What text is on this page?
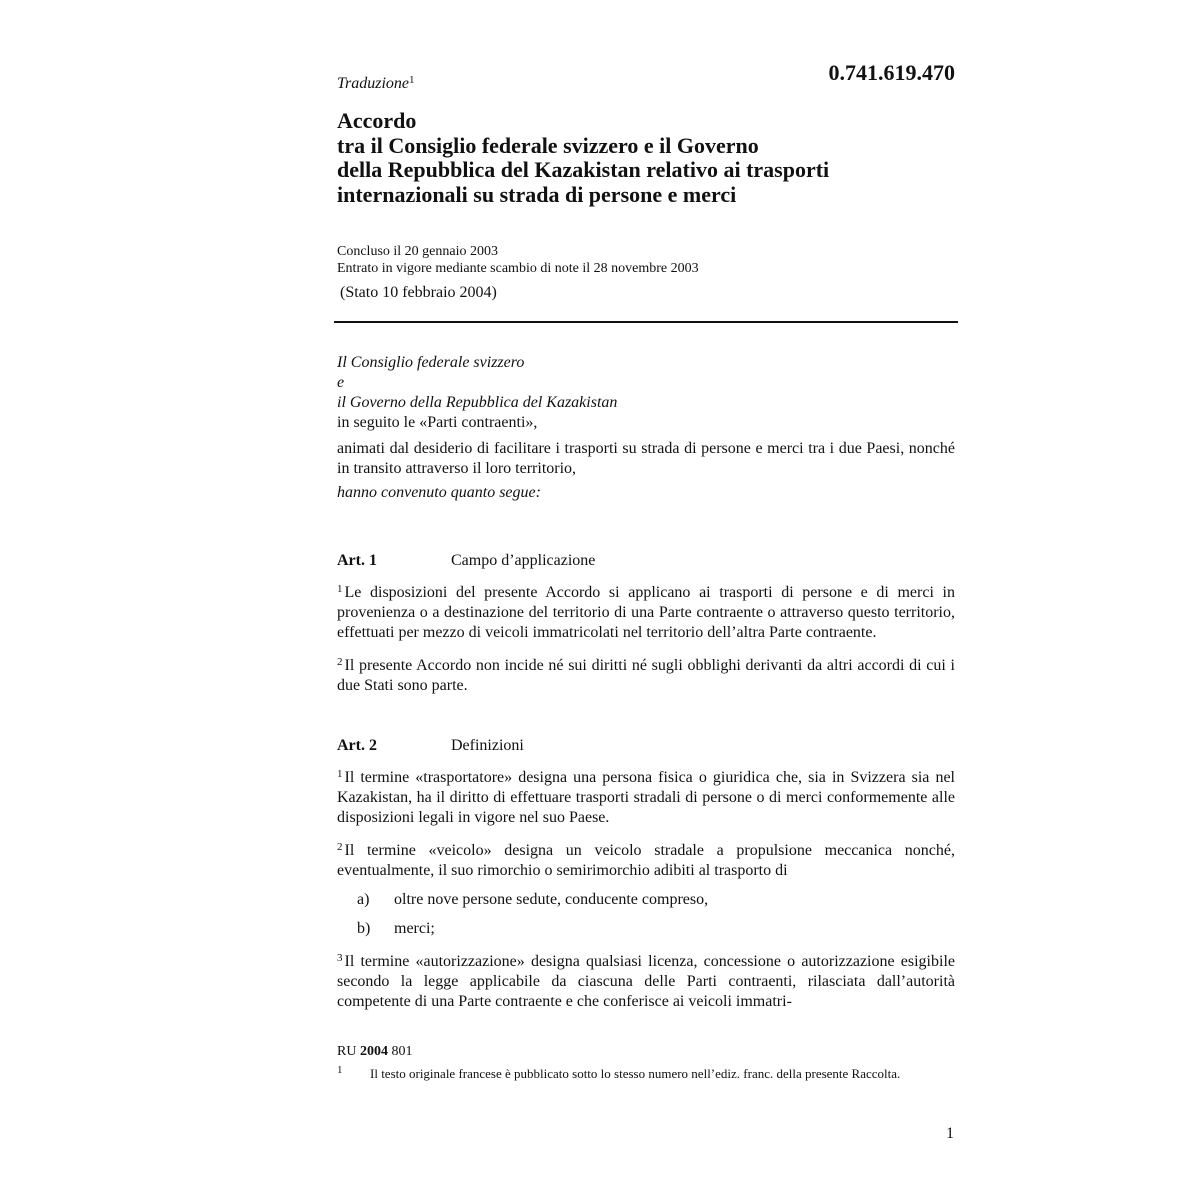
Traduzione$^1$	0.741.619.470
Accordo
tra il Consiglio federale svizzero e il Governo
della Repubblica del Kazakistan relativo ai trasporti
internazionali su strada di persone e merci
Concluso il 20 gennaio 2003
Entrato in vigore mediante scambio di note il 28 novembre 2003
(Stato 10 febbraio 2004)
Il Consiglio federale svizzero
e
il Governo della Repubblica del Kazakistan
in seguito le «Parti contraenti»,
animati dal desiderio di facilitare i trasporti su strada di persone e merci tra i due Paesi, nonché in transito attraverso il loro territorio,
hanno convenuto quanto segue:
Art. 1	Campo d’applicazione
$^1$ Le disposizioni del presente Accordo si applicano ai trasporti di persone e di merci in provenienza o a destinazione del territorio di una Parte contraente o attraverso questo territorio, effettuati per mezzo di veicoli immatricolati nel territorio dell’altra Parte contraente.
$^2$ Il presente Accordo non incide né sui diritti né sugli obblighi derivanti da altri accordi di cui i due Stati sono parte.
Art. 2	Definizioni
$^1$ Il termine «trasportatore» designa una persona fisica o giuridica che, sia in Svizzera sia nel Kazakistan, ha il diritto di effettuare trasporti stradali di persone o di merci conformemente alle disposizioni legali in vigore nel suo Paese.
$^2$ Il termine «veicolo» designa un veicolo stradale a propulsione meccanica nonché, eventualmente, il suo rimorchio o semirimorchio adibiti al trasporto di
a) oltre nove persone sedute, conducente compreso,
b) merci;
$^3$ Il termine «autorizzazione» designa qualsiasi licenza, concessione o autorizzazione esigibile secondo la legge applicabile da ciascuna delle Parti contraenti, rilasciata dall’autorità competente di una Parte contraente e che conferisce ai veicoli immatri-
RU 2004 801
1 Il testo originale francese è pubblicato sotto lo stesso numero nell’ediz. franc. della presente Raccolta.
1
